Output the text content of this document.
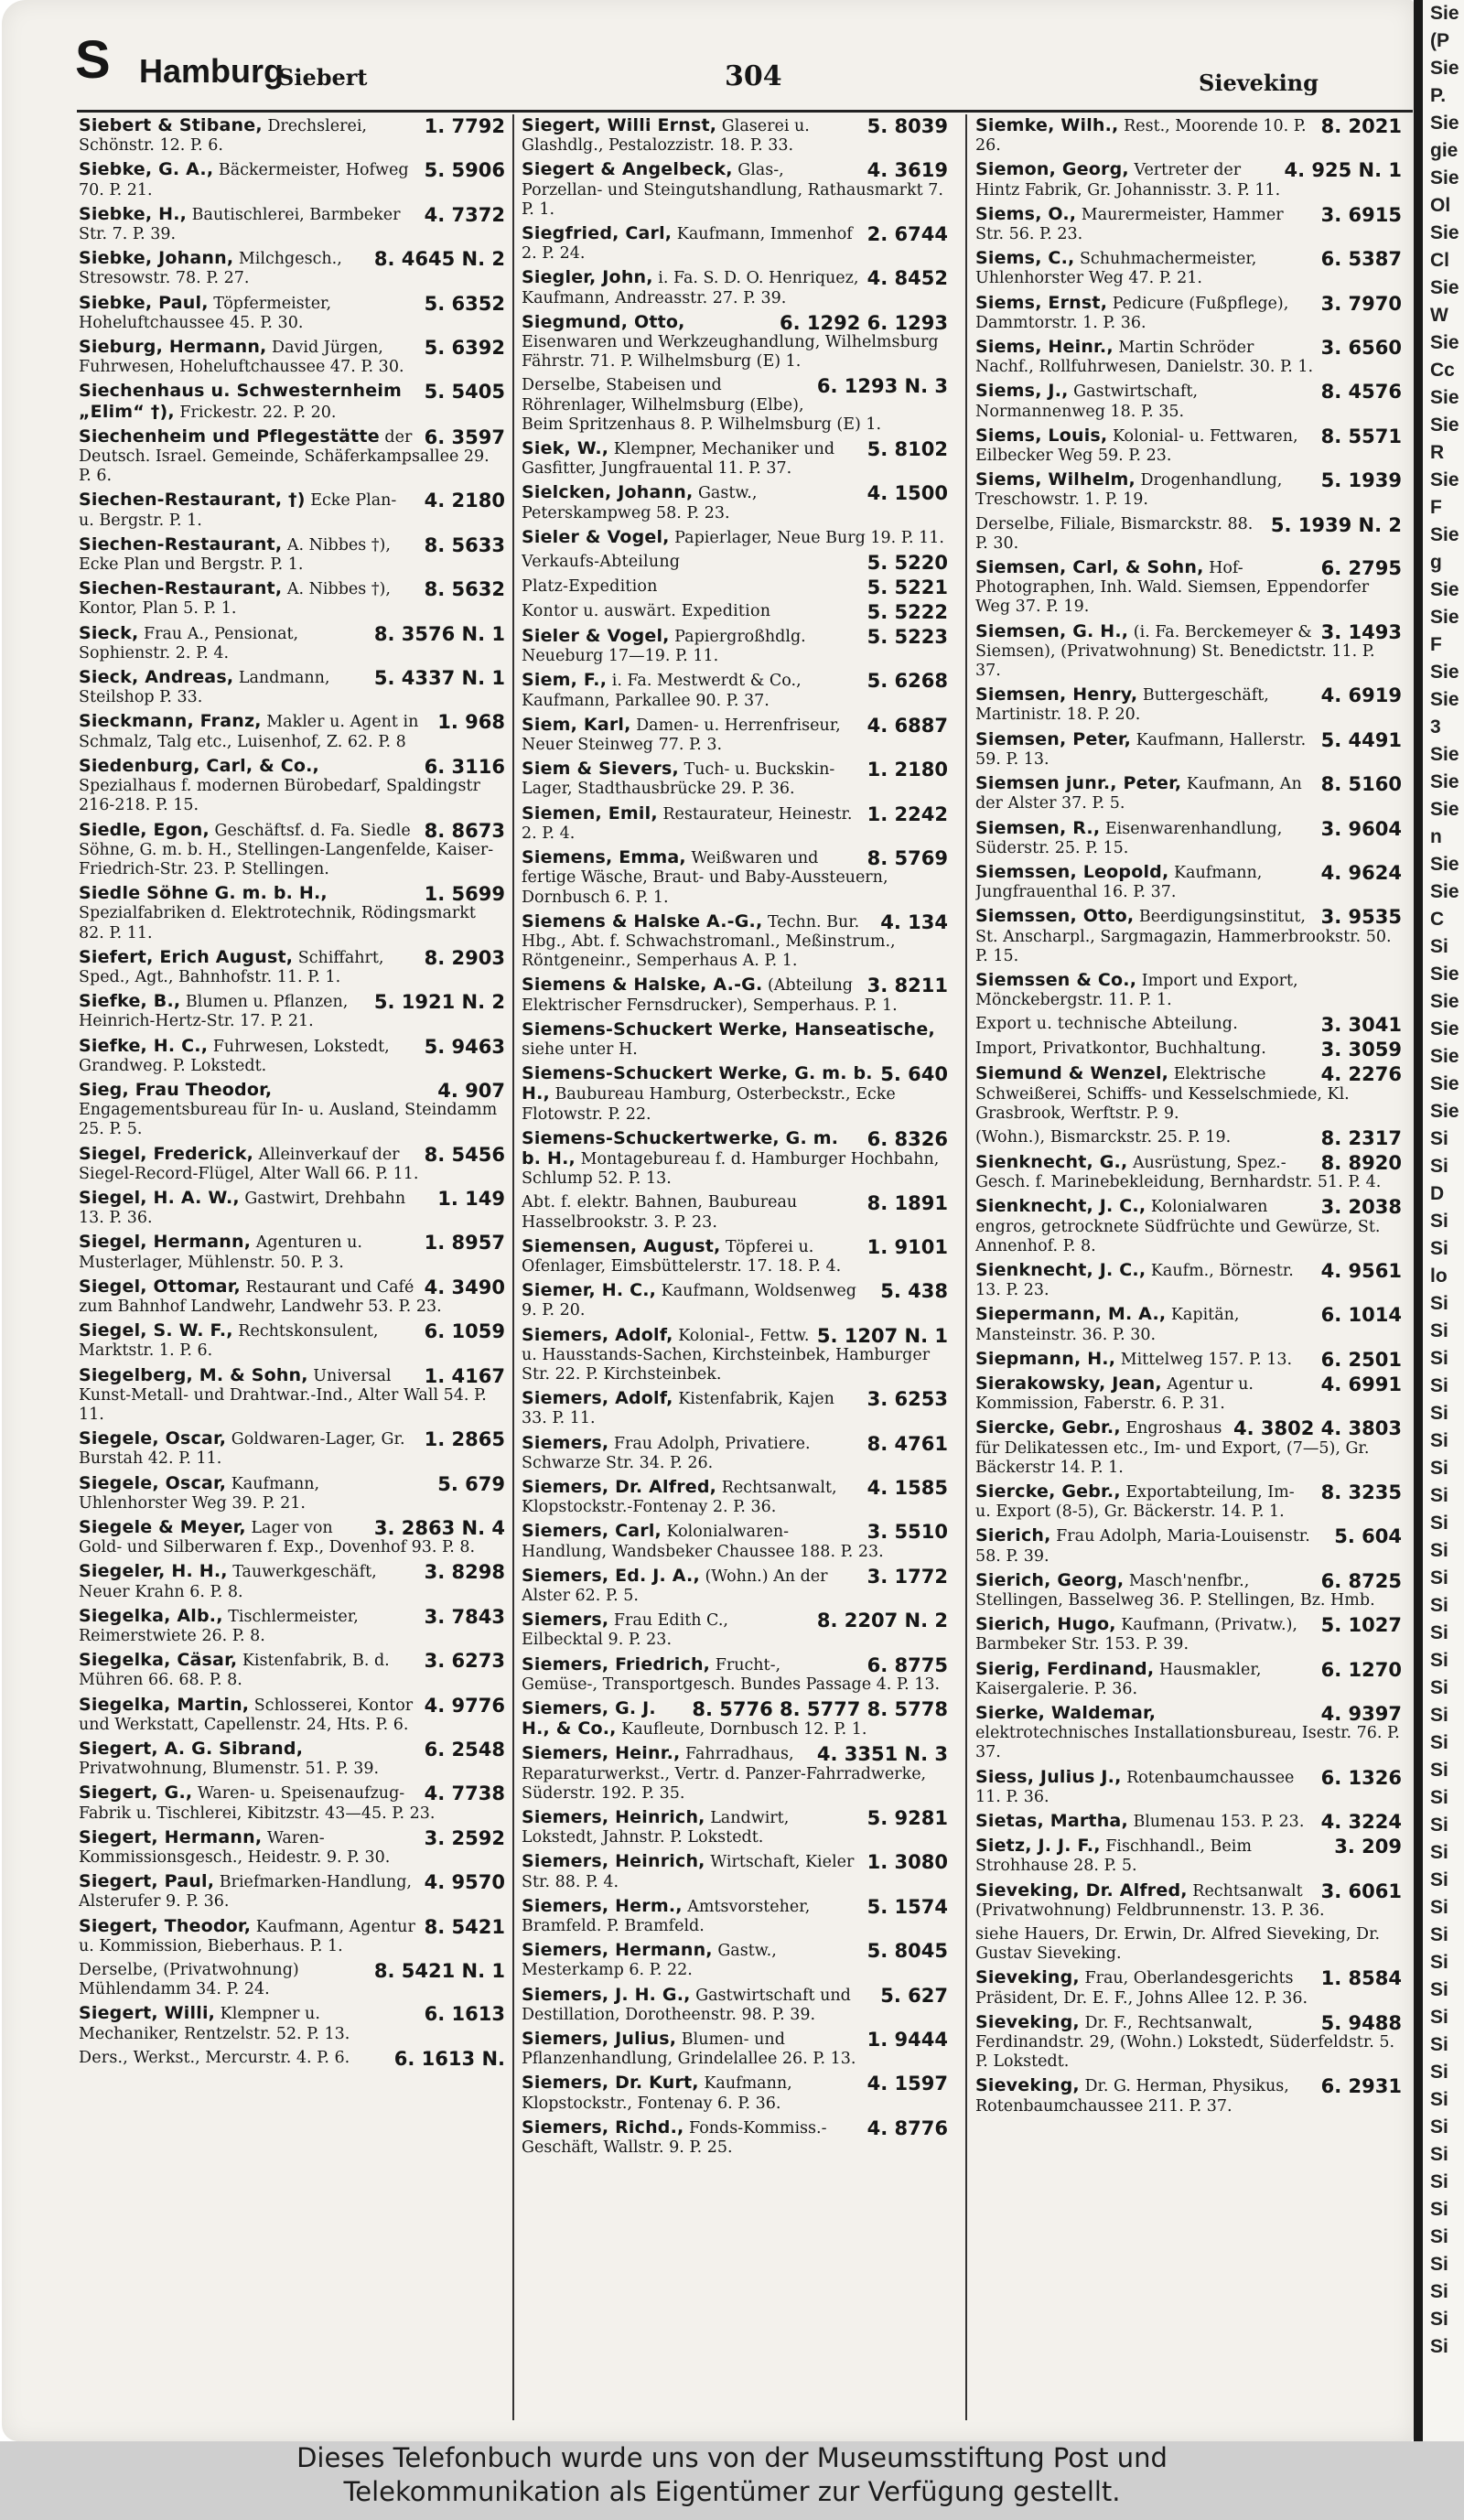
S Hamburg
Siebert	304	Sieveking
1. 7792
Siebert & Stibane, Drechslerei, Schönstr. 12. P. 6.
5. 5906
Siebke, G. A., Bäckermeister, Hofweg 70. P. 21.
4. 7372
Siebke, H., Bautischlerei, Barmbeker Str. 7. P. 39.
8. 4645 N. 2
Siebke, Johann, Milchgesch., Stresowstr. 78. P. 27.
5. 6352
Siebke, Paul, Töpfermeister, Hoheluftchaussee 45. P. 30.
5. 6392
Sieburg, Hermann, David Jürgen, Fuhrwesen, Hoheluftchaussee 47. P. 30.
5. 5405
Siechenhaus u. Schwesternheim „Elim“ †), Frickestr. 22. P. 20.
6. 3597
Siechenheim und Pflegestätte der Deutsch. Israel. Gemeinde, Schäferkampsallee 29. P. 6.
4. 2180
Siechen-Restaurant, †) Ecke Plan- u. Bergstr. P. 1.
8. 5633
Siechen-Restaurant, A. Nibbes †), Ecke Plan und Bergstr. P. 1.
8. 5632
Siechen-Restaurant, A. Nibbes †), Kontor, Plan 5. P. 1.
8. 3576 N. 1
Sieck, Frau A., Pensionat, Sophienstr. 2. P. 4.
5. 4337 N. 1
Sieck, Andreas, Landmann, Steilshop P. 33.
1. 968
Sieckmann, Franz, Makler u. Agent in Schmalz, Talg etc., Luisenhof, Z. 62. P. 8
6. 3116
Siedenburg, Carl, & Co., Spezialhaus f. modernen Bürobedarf, Spaldingstr 216-218. P. 15.
8. 8673
Siedle, Egon, Geschäftsf. d. Fa. Siedle Söhne, G. m. b. H., Stellingen-Langenfelde, Kaiser-Friedrich-Str. 23. P. Stellingen.
1. 5699
Siedle Söhne G. m. b. H., Spezialfabriken d. Elektrotechnik, Rödingsmarkt 82. P. 11.
8. 2903
Siefert, Erich August, Schiffahrt, Sped., Agt., Bahnhofstr. 11. P. 1.
5. 1921 N. 2
Siefke, B., Blumen u. Pflanzen, Heinrich-Hertz-Str. 17. P. 21.
5. 9463
Siefke, H. C., Fuhrwesen, Lokstedt, Grandweg. P. Lokstedt.
4. 907
Sieg, Frau Theodor, Engagementsbureau für In- u. Ausland, Steindamm 25. P. 5.
8. 5456
Siegel, Frederick, Alleinverkauf der Siegel-Record-Flügel, Alter Wall 66. P. 11.
1. 149
Siegel, H. A. W., Gastwirt, Drehbahn 13. P. 36.
1. 8957
Siegel, Hermann, Agenturen u. Musterlager, Mühlenstr. 50. P. 3.
4. 3490
Siegel, Ottomar, Restaurant und Café zum Bahnhof Landwehr, Landwehr 53. P. 23.
6. 1059
Siegel, S. W. F., Rechtskonsulent, Marktstr. 1. P. 6.
1. 4167
Siegelberg, M. & Sohn, Universal Kunst-Metall- und Drahtwar.-Ind., Alter Wall 54. P. 11.
1. 2865
Siegele, Oscar, Goldwaren-Lager, Gr. Burstah 42. P. 11.
5. 679
Siegele, Oscar, Kaufmann, Uhlenhorster Weg 39. P. 21.
3. 2863 N. 4
Siegele & Meyer, Lager von Gold- und Silberwaren f. Exp., Dovenhof 93. P. 8.
3. 8298
Siegeler, H. H., Tauwerkgeschäft, Neuer Krahn 6. P. 8.
3. 7843
Siegelka, Alb., Tischlermeister, Reimerstwiete 26. P. 8.
3. 6273
Siegelka, Cäsar, Kistenfabrik, B. d. Mühren 66. 68. P. 8.
4. 9776
Siegelka, Martin, Schlosserei, Kontor und Werkstatt, Capellenstr. 24, Hts. P. 6.
6. 2548
Siegert, A. G. Sibrand, Privatwohnung, Blumenstr. 51. P. 39.
4. 7738
Siegert, G., Waren- u. Speisenaufzug-Fabrik u. Tischlerei, Kibitzstr. 43—45. P. 23.
3. 2592
Siegert, Hermann, Waren-Kommissionsgesch., Heidestr. 9. P. 30.
4. 9570
Siegert, Paul, Briefmarken-Handlung, Alsterufer 9. P. 36.
8. 5421
Siegert, Theodor, Kaufmann, Agentur u. Kommission, Bieberhaus. P. 1.
8. 5421 N. 1
Derselbe, (Privatwohnung) Mühlendamm 34. P. 24.
6. 1613
Siegert, Willi, Klempner u. Mechaniker, Rentzelstr. 52. P. 13.
6. 1613 N.
Ders., Werkst., Mercurstr. 4. P. 6.
5. 8039
Siegert, Willi Ernst, Glaserei u. Glashdlg., Pestalozzistr. 18. P. 33.
4. 3619
Siegert & Angelbeck, Glas-, Porzellan- und Steingutshandlung, Rathausmarkt 7. P. 1.
2. 6744
Siegfried, Carl, Kaufmann, Immenhof 2. P. 24.
4. 8452
Siegler, John, i. Fa. S. D. O. Henriquez, Kaufmann, Andreasstr. 27. P. 39.
6. 1292 6. 1293
Siegmund, Otto, Eisenwaren und Werkzeughandlung, Wilhelmsburg Fährstr. 71. P. Wilhelmsburg (E) 1.
6. 1293 N. 3
Derselbe, Stabeisen und Röhrenlager, Wilhelmsburg (Elbe), Beim Spritzenhaus 8. P. Wilhelmsburg (E) 1.
5. 8102
Siek, W., Klempner, Mechaniker und Gasfitter, Jungfrauental 11. P. 37.
4. 1500
Sielcken, Johann, Gastw., Peterskampweg 58. P. 23.
Sieler & Vogel, Papierlager, Neue Burg 19. P. 11.
5. 5220
Verkaufs-Abteilung
5. 5221
Platz-Expedition
5. 5222
Kontor u. auswärt. Expedition
5. 5223
Sieler & Vogel, Papiergroßhdlg. Neueburg 17—19. P. 11.
5. 6268
Siem, F., i. Fa. Mestwerdt & Co., Kaufmann, Parkallee 90. P. 37.
4. 6887
Siem, Karl, Damen- u. Herrenfriseur, Neuer Steinweg 77. P. 3.
1. 2180
Siem & Sievers, Tuch- u. Buckskin-Lager, Stadthausbrücke 29. P. 36.
1. 2242
Siemen, Emil, Restaurateur, Heinestr. 2. P. 4.
8. 5769
Siemens, Emma, Weißwaren und fertige Wäsche, Braut- und Baby-Aussteuern, Dornbusch 6. P. 1.
4. 134
Siemens & Halske A.-G., Techn. Bur. Hbg., Abt. f. Schwachstromanl., Meßinstrum., Röntgeneinr., Semperhaus A. P. 1.
3. 8211
Siemens & Halske, A.-G. (Abteilung Elektrischer Fernsdrucker), Semperhaus. P. 1.
Siemens-Schuckert Werke, Hanseatische, siehe unter H.
5. 640
Siemens-Schuckert Werke, G. m. b. H., Baubureau Hamburg, Osterbeckstr., Ecke Flotowstr. P. 22.
6. 8326
Siemens-Schuckertwerke, G. m. b. H., Montagebureau f. d. Hamburger Hochbahn, Schlump 52. P. 13.
8. 1891
Abt. f. elektr. Bahnen, Baubureau Hasselbrookstr. 3. P. 23.
1. 9101
Siemensen, August, Töpferei u. Ofenlager, Eimsbüttelerstr. 17. 18. P. 4.
5. 438
Siemer, H. C., Kaufmann, Woldsenweg 9. P. 20.
5. 1207 N. 1
Siemers, Adolf, Kolonial-, Fettw. u. Hausstands-Sachen, Kirchsteinbek, Hamburger Str. 22. P. Kirchsteinbek.
3. 6253
Siemers, Adolf, Kistenfabrik, Kajen 33. P. 11.
8. 4761
Siemers, Frau Adolph, Privatiere. Schwarze Str. 34. P. 26.
4. 1585
Siemers, Dr. Alfred, Rechtsanwalt, Klopstockstr.-Fontenay 2. P. 36.
3. 5510
Siemers, Carl, Kolonialwaren-Handlung, Wandsbeker Chaussee 188. P. 23.
3. 1772
Siemers, Ed. J. A., (Wohn.) An der Alster 62. P. 5.
8. 2207 N. 2
Siemers, Frau Edith C., Eilbecktal 9. P. 23.
6. 8775
Siemers, Friedrich, Frucht-, Gemüse-, Transportgesch. Bundes Passage 4. P. 13.
8. 5776 8. 5777 8. 5778
Siemers, G. J. H., & Co., Kaufleute, Dornbusch 12. P. 1.
4. 3351 N. 3
Siemers, Heinr., Fahrradhaus, Reparaturwerkst., Vertr. d. Panzer-Fahrradwerke, Süderstr. 192. P. 35.
5. 9281
Siemers, Heinrich, Landwirt, Lokstedt, Jahnstr. P. Lokstedt.
1. 3080
Siemers, Heinrich, Wirtschaft, Kieler Str. 88. P. 4.
5. 1574
Siemers, Herm., Amtsvorsteher, Bramfeld. P. Bramfeld.
5. 8045
Siemers, Hermann, Gastw., Mesterkamp 6. P. 22.
5. 627
Siemers, J. H. G., Gastwirtschaft und Destillation, Dorotheenstr. 98. P. 39.
1. 9444
Siemers, Julius, Blumen- und Pflanzenhandlung, Grindelallee 26. P. 13.
4. 1597
Siemers, Dr. Kurt, Kaufmann, Klopstockstr., Fontenay 6. P. 36.
4. 8776
Siemers, Richd., Fonds-Kommiss.-Geschäft, Wallstr. 9. P. 25.
8. 2021
Siemke, Wilh., Rest., Moorende 10. P. 26.
4. 925 N. 1
Siemon, Georg, Vertreter der Hintz Fabrik, Gr. Johannisstr. 3. P. 11.
3. 6915
Siems, O., Maurermeister, Hammer Str. 56. P. 23.
6. 5387
Siems, C., Schuhmachermeister, Uhlenhorster Weg 47. P. 21.
3. 7970
Siems, Ernst, Pedicure (Fußpflege), Dammtorstr. 1. P. 36.
3. 6560
Siems, Heinr., Martin Schröder Nachf., Rollfuhrwesen, Danielstr. 30. P. 1.
8. 4576
Siems, J., Gastwirtschaft, Normannenweg 18. P. 35.
8. 5571
Siems, Louis, Kolonial- u. Fettwaren, Eilbecker Weg 59. P. 23.
5. 1939
Siems, Wilhelm, Drogenhandlung, Treschowstr. 1. P. 19.
5. 1939 N. 2
Derselbe, Filiale, Bismarckstr. 88. P. 30.
6. 2795
Siemsen, Carl, & Sohn, Hof-Photographen, Inh. Wald. Siemsen, Eppendorfer Weg 37. P. 19.
3. 1493
Siemsen, G. H., (i. Fa. Berckemeyer & Siemsen), (Privatwohnung) St. Benedictstr. 11. P. 37.
4. 6919
Siemsen, Henry, Buttergeschäft, Martinistr. 18. P. 20.
5. 4491
Siemsen, Peter, Kaufmann, Hallerstr. 59. P. 13.
8. 5160
Siemsen junr., Peter, Kaufmann, An der Alster 37. P. 5.
3. 9604
Siemsen, R., Eisenwarenhandlung, Süderstr. 25. P. 15.
4. 9624
Siemssen, Leopold, Kaufmann, Jungfrauenthal 16. P. 37.
3. 9535
Siemssen, Otto, Beerdigungsinstitut, St. Anscharpl., Sargmagazin, Hammerbrookstr. 50. P. 15.
Siemssen & Co., Import und Export, Mönckebergstr. 11. P. 1.
3. 3041
Export u. technische Abteilung.
3. 3059
Import, Privatkontor, Buchhaltung.
4. 2276
Siemund & Wenzel, Elektrische Schweißerei, Schiffs- und Kesselschmiede, Kl. Grasbrook, Werftstr. P. 9.
8. 2317
(Wohn.), Bismarckstr. 25. P. 19.
8. 8920
Sienknecht, G., Ausrüstung, Spez.-Gesch. f. Marinebekleidung, Bernhardstr. 51. P. 4.
3. 2038
Sienknecht, J. C., Kolonialwaren engros, getrocknete Südfrüchte und Gewürze, St. Annenhof. P. 8.
4. 9561
Sienknecht, J. C., Kaufm., Börnestr. 13. P. 23.
6. 1014
Siepermann, M. A., Kapitän, Mansteinstr. 36. P. 30.
6. 2501
Siepmann, H., Mittelweg 157. P. 13.
4. 6991
Sierakowsky, Jean, Agentur u. Kommission, Faberstr. 6. P. 31.
4. 3802 4. 3803
Siercke, Gebr., Engroshaus für Delikatessen etc., Im- und Export, (7—5), Gr. Bäckerstr 14. P. 1.
8. 3235
Siercke, Gebr., Exportabteilung, Im- u. Export (8-5), Gr. Bäckerstr. 14. P. 1.
5. 604
Sierich, Frau Adolph, Maria-Louisenstr. 58. P. 39.
6. 8725
Sierich, Georg, Masch'nenfbr., Stellingen, Basselweg 36. P. Stellingen, Bz. Hmb.
5. 1027
Sierich, Hugo, Kaufmann, (Privatw.), Barmbeker Str. 153. P. 39.
6. 1270
Sierig, Ferdinand, Hausmakler, Kaisergalerie. P. 36.
4. 9397
Sierke, Waldemar, elektrotechnisches Installationsbureau, Isestr. 76. P. 37.
6. 1326
Siess, Julius J., Rotenbaumchaussee 11. P. 36.
4. 3224
Sietas, Martha, Blumenau 153. P. 23.
3. 209
Sietz, J. J. F., Fischhandl., Beim Strohhause 28. P. 5.
3. 6061
Sieveking, Dr. Alfred, Rechtsanwalt (Privatwohnung) Feldbrunnenstr. 13. P. 36.
siehe Hauers, Dr. Erwin, Dr. Alfred Sieveking, Dr. Gustav Sieveking.
1. 8584
Sieveking, Frau, Oberlandesgerichts Präsident, Dr. E. F., Johns Allee 12. P. 36.
5. 9488
Sieveking, Dr. F., Rechtsanwalt, Ferdinandstr. 29, (Wohn.) Lokstedt, Süderfeldstr. 5. P. Lokstedt.
6. 2931
Sieveking, Dr. G. Herman, Physikus, Rotenbaumchaussee 211. P. 37.
Sie
(P
Sie
P.
Sie
gie
Sie
Ol
Sie
Cl
Sie
W
Sie
Cc
Sie
Sie
R
Sie
F
Sie
g
Sie
Sie
F
Sie
Sie
3
Sie
Sie
Sie
n
Sie
Sie
C
Si
Sie
Sie
Sie
Sie
Sie
Sie
Si
Si
D
Si
Si
lo
Si
Si
Si
Si
Si
Si
Si
Si
Si
Si
Si
Si
Si
Si
Si
Si
Si
Si
Si
Si
Si
Si
Si
Si
Si
Si
Si
Si
Si
Si
Si
Si
Si
Si
Si
Si
Si
Si
Si
Dieses Telefonbuch wurde uns von der Museumsstiftung Post und
Telekommunikation als Eigentümer zur Verfügung gestellt.
